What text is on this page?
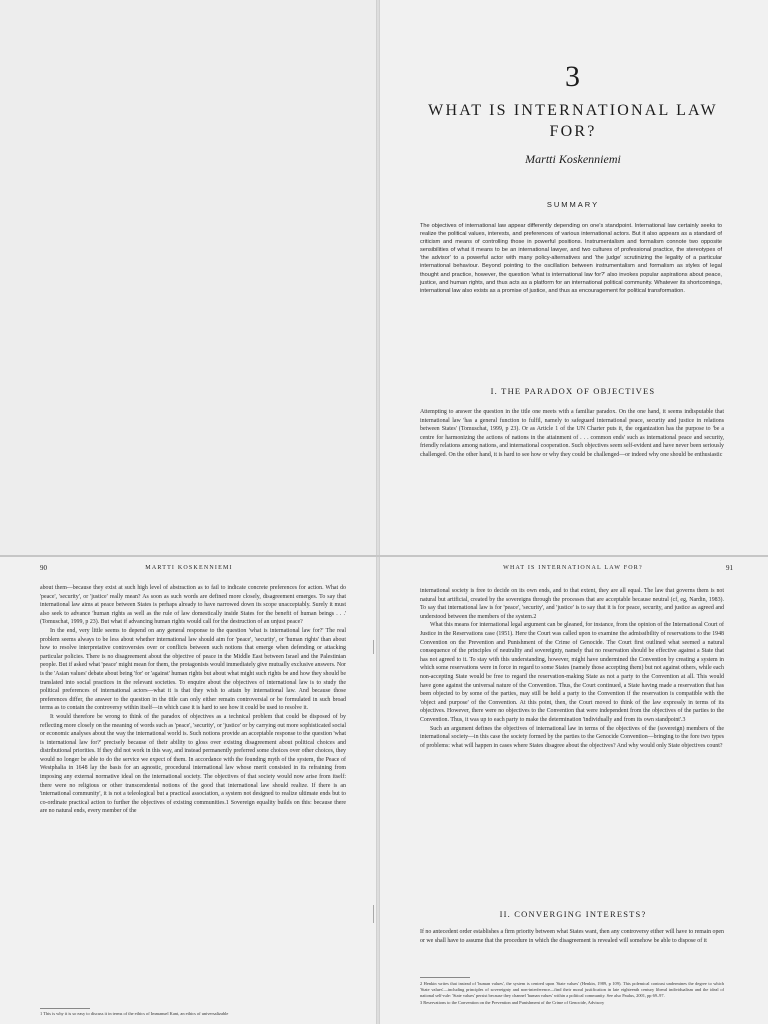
3
WHAT IS INTERNATIONAL LAW FOR?
Martti Koskenniemi
SUMMARY
The objectives of international law appear differently depending on one's standpoint. International law certainly seeks to realize the political values, interests, and preferences of various international actors. But it also appears as a standard of criticism and means of controlling those in powerful positions. Instrumentalism and formalism connote two opposite sensibilities of what it means to be an international lawyer, and two cultures of professional practice, the stereotypes of 'the advisor' to a powerful actor with many policy-alternatives and 'the judge' scrutinizing the legality of a particular international behaviour. Beyond pointing to the oscillation between instrumentalism and formalism as styles of legal thought and practice, however, the question 'what is international law for?' also invokes popular aspirations about peace, justice, and human rights, and thus acts as a platform for an international political community. Whatever its shortcomings, international law also exists as a promise of justice, and thus as encouragement for political transformation.
I. THE PARADOX OF OBJECTIVES

Attempting to answer the question in the title one meets with a familiar paradox. On the one hand, it seems indisputable that international law 'has a general function to fulfil, namely to safeguard international peace, security and justice in relations between States' (Tomuschat, 1999, p 23). Or as Article 1 of the UN Charter puts it, the organization has the purpose to 'be a centre for harmonizing the actions of nations in the attainment of . . . common ends' such as international peace and security, friendly relations among nations, and international cooperation. Such objectives seem self-evident and have never been seriously challenged. On the other hand, it is hard to see how or why they could be challenged—or indeed why one should be enthusiastic

90	MARTTI KOSKENNIEMI

about them—because they exist at such high level of abstraction as to fail to indicate concrete preferences for action. What do 'peace', 'security', or 'justice' really mean? As soon as such words are defined more closely, disagreement emerges. To say that international law aims at peace between States is perhaps already to have narrowed down its scope unacceptably. Surely it must also seek to advance 'human rights as well as the rule of law domestically inside States for the benefit of human beings . . .' (Tomuschat, 1999, p 23). But what if advancing human rights would call for the destruction of an unjust peace?

In the end, very little seems to depend on any general response to the question 'what is international law for?' The real problem seems always to be less about whether international law should aim for 'peace', 'security', or 'human rights' than about how to resolve interpretative controversies over or conflicts between such notions that emerge when defending or attacking particular policies. There is no disagreement about the objective of peace in the Middle East between Israel and the Palestinian people. But if asked what 'peace' might mean for them, the protagonists would immediately give mutually exclusive answers. Nor is the 'Asian values' debate about being 'for' or 'against' human rights but about what might such rights be and how they should be translated into social practices in the relevant societies. To enquire about the objectives of international law is to study the political preferences of international actors—what it is that they wish to attain by international law. And because those preferences differ, the answer to the question in the title can only either remain controversial or be formulated in such broad terms as to contain the controversy within itself—in which case it is hard to see how it could be used to resolve it.

It would therefore be wrong to think of the paradox of objectives as a technical problem that could be disposed of by reflecting more closely on the meaning of words such as 'peace', 'security', or 'justice' or by carrying out more sophisticated social or economic analyses about the way the international world is. Such notions provide an acceptable response to the question 'what is international law for?' precisely because of their ability to gloss over existing disagreement about political choices and distributional priorities. If they did not work in this way, and instead permanently preferred some choices over other choices, they would no longer be able to do the service we expect of them. In accordance with the founding myth of the system, the Peace of Westphalia in 1648 lay the basis for an agnostic, procedural international law whose merit consisted in its refraining from imposing any external normative ideal on the international society. The objectives of that society would now arise from itself: there were no religious or other transcendental notions of the good that international law should realize. If there is an 'international community', it is not a teleological but a practical association, a system not designed to realize ultimate ends but to co-ordinate practical action to further the objectives of existing communities.1 Sovereign equality builds on this: because there are no natural ends, every member of the

1 This is why it is so easy to discuss it in terms of the ethics of Immanuel Kant, an ethics of universalizable
WHAT IS INTERNATIONAL LAW FOR?	91

international society is free to decide on its own ends, and to that extent, they are all equal. The law that governs them is not natural but artificial, created by the sovereigns through the processes that are acceptable because neutral (cf, eg, Nardin, 1983). To say that international law is for 'peace', 'security', and 'justice' is to say that it is for peace, security, and justice as agreed and understood between the members of the system.2

What this means for international legal argument can be gleaned, for instance, from the opinion of the International Court of Justice in the Reservations case (1951). Here the Court was called upon to examine the admissibility of reservations to the 1948 Convention on the Prevention and Punishment of the Crime of Genocide. The Court first outlined what seemed a natural consequence of the principles of neutrality and sovereignty, namely that no reservation should be effective against a State that has not agreed to it. To stay with this understanding, however, might have undermined the Convention by creating a system in which some reservations were in force in regard to some States (namely those accepting them) but not against others, while each non-accepting State would be free to regard the reservation-making State as not a party to the Convention at all. This would have gone against the universal nature of the Convention. Thus, the Court continued, a State having made a reservation that has been objected to by some of the parties, may still be held a party to the Convention if the reservation is compatible with the 'object and purpose' of the Convention. At this point, then, the Court moved to think of the law expressly in terms of its objectives. However, there were no objectives to the Convention that were independent from the objectives of the parties to the Convention. Thus, it was up to each party to make the determination 'individually and from its own standpoint'.3

Such an argument defines the objectives of international law in terms of the objectives of the (sovereign) members of the international society—in this case the society formed by the parties to the Genocide Convention—bringing to the fore two types of problems: what will happen in cases where States disagree about the objectives? And why would only State objectives count?

II. CONVERGING INTERESTS?

If no antecedent order establishes a firm priority between what States want, then any controversy either will have to remain open or we shall have to assume that the procedure in which the disagreement is revealed will somehow be able to dispose of it

2 Henkin writes that instead of 'human values', the system is centred upon 'State values' (Henkin, 1989, p 109). This polemical contrast undermines the degree to which 'State values'—including principles of sovereignty and non-interference—find their moral justification in late eighteenth century liberal individualism and the ideal of national self-rule: 'State values' persist because they channel 'human values' within a political community. See also Paulus, 2001, pp 69–97.
3 Reservations to the Convention on the Prevention and Punishment of the Crime of Genocide, Advisory
